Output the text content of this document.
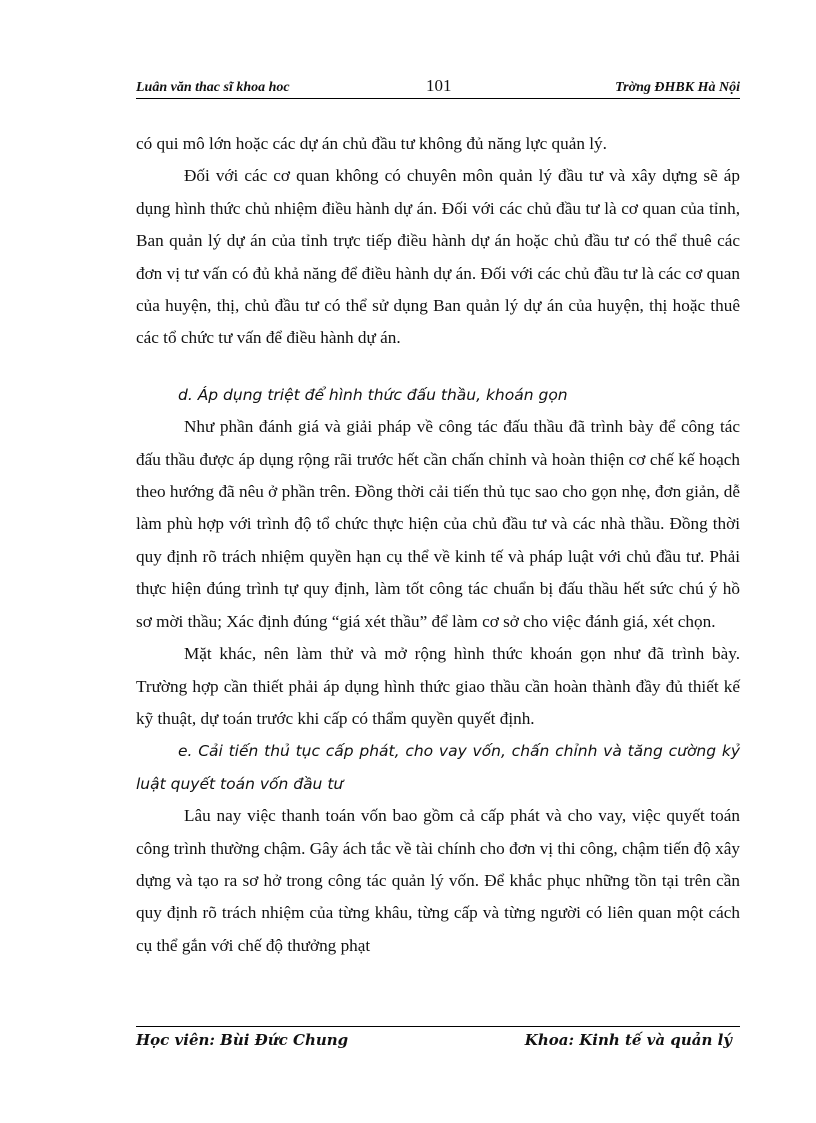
Luân văn thac sĩ khoa hoc	101	Trờng ĐHBK Hà Nội

có qui mô lớn hoặc các dự án chủ đầu tư không đủ năng lực quản lý.

Đối với các cơ quan không có chuyên môn quản lý đầu tư và xây dựng sẽ áp dụng hình thức chủ nhiệm điều hành dự án. Đối với các chủ đầu tư là cơ quan của tỉnh, Ban quản lý dự án của tỉnh trực tiếp điều hành dự án hoặc chủ đầu tư có thể thuê các đơn vị tư vấn có đủ khả năng để điều hành dự án. Đối với các chủ đầu tư là các cơ quan của huyện, thị, chủ đầu tư có thể sử dụng Ban quản lý dự án của huyện, thị hoặc thuê các tổ chức tư vấn để điều hành dự án.

d. Áp dụng triệt để hình thức đấu thầu, khoán gọn

Như phần đánh giá và giải pháp về công tác đấu thầu đã trình bày để công tác đấu thầu được áp dụng rộng rãi trước hết cần chấn chỉnh và hoàn thiện cơ chế kế hoạch theo hướng đã nêu ở phần trên. Đồng thời cải tiến thủ tục sao cho gọn nhẹ, đơn giản, dễ làm phù hợp với trình độ tổ chức thực hiện của chủ đầu tư và các nhà thầu. Đồng thời quy định rõ trách nhiệm quyền hạn cụ thể về kinh tế và pháp luật với chủ đầu tư. Phải thực hiện đúng trình tự quy định, làm tốt công tác chuẩn bị đấu thầu hết sức chú ý hồ sơ mời thầu; Xác định đúng “giá xét thầu” để làm cơ sở cho việc đánh giá, xét chọn.

Mặt khác, nên làm thử và mở rộng hình thức khoán gọn như đã trình bày. Trường hợp cần thiết phải áp dụng hình thức giao thầu cần hoàn thành đầy đủ thiết kế kỹ thuật, dự toán trước khi cấp có thẩm quyền quyết định.

e. Cải tiến thủ tục cấp phát, cho vay vốn, chấn chỉnh và tăng cường kỷ luật quyết toán vốn đầu tư

Lâu nay việc thanh toán vốn bao gồm cả cấp phát và cho vay, việc quyết toán công trình thường chậm. Gây ách tắc về tài chính cho đơn vị thi công, chậm tiến độ xây dựng và tạo ra sơ hở trong công tác quản lý vốn. Để khắc phục những tồn tại trên cần quy định rõ trách nhiệm của từng khâu, từng cấp và từng người có liên quan một cách cụ thể gắn với chế độ thưởng phạt

Học viên: Bùi Đức Chung	Khoa: Kinh tế và quản lý
